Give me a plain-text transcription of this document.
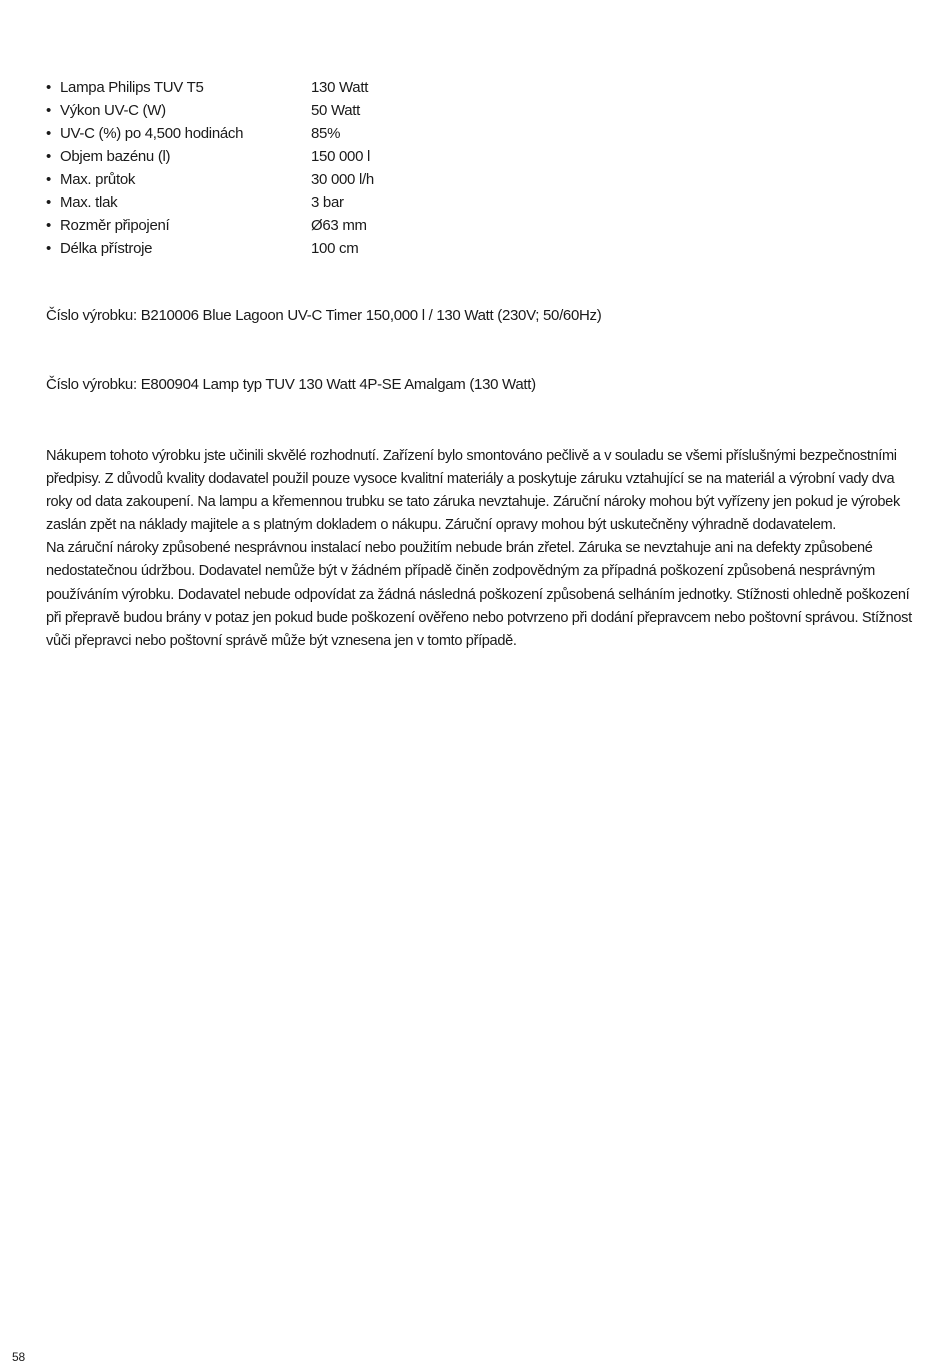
• Lampa Philips TUV T5	130 Watt
• Výkon UV-C (W)	50 Watt
• UV-C (%) po 4,500 hodinách	85%
• Objem bazénu (l)	150 000 l
• Max. průtok	30 000 l/h
• Max. tlak	3 bar
• Rozměr připojení	Ø63 mm
• Délka přístroje	100 cm

Číslo výrobku: B210006 Blue Lagoon UV-C Timer 150,000 l / 130 Watt (230V; 50/60Hz)

Číslo výrobku: E800904 Lamp typ TUV 130 Watt 4P-SE Amalgam (130 Watt)

Nákupem tohoto výrobku jste učinili skvělé rozhodnutí. Zařízení bylo smontováno pečlivě a v souladu se všemi příslušnými bezpečnostními předpisy. Z důvodů kvality dodavatel použil pouze vysoce kvalitní materiály a poskytuje záruku vztahující se na materiál a výrobní vady dva roky od data zakoupení. Na lampu a křemennou trubku se tato záruka nevztahuje. Záruční nároky mohou být vyřízeny jen pokud je výrobek zaslán zpět na náklady majitele a s platným dokladem o nákupu. Záruční opravy mohou být uskutečněny výhradně dodavatelem.

Na záruční nároky způsobené nesprávnou instalací nebo použitím nebude brán zřetel. Záruka se nevztahuje ani na defekty způsobené nedostatečnou údržbou. Dodavatel nemůže být v žádném případě činěn zodpovědným za případná poškození způsobená nesprávným používáním výrobku. Dodavatel nebude odpovídat za žádná následná poškození způsobená selháním jednotky. Stížnosti ohledně poškození při přepravě budou brány v potaz jen pokud bude poškození ověřeno nebo potvrzeno při dodání přepravcem nebo poštovní správou. Stížnost vůči přepravci nebo poštovní správě může být vznesena jen v tomto případě.

58
